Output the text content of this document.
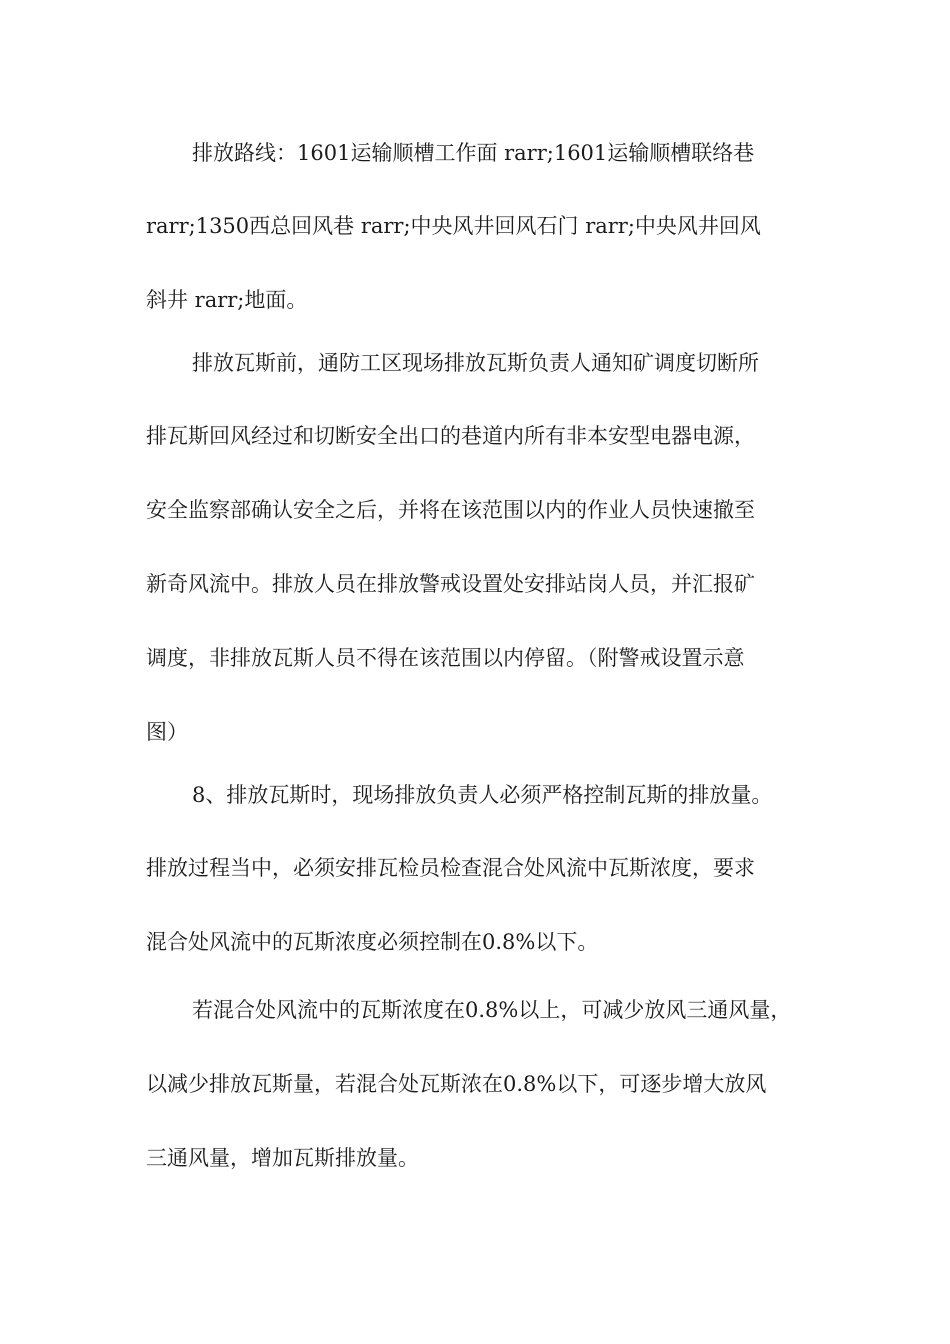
排放路线：1601运输顺槽工作面 rarr;1601运输顺槽联络巷
rarr;1350西总回风巷 rarr;中央风井回风石门 rarr;中央风井回风
斜井 rarr;地面。
排放瓦斯前，通防工区现场排放瓦斯负责人通知矿调度切断所
排瓦斯回风经过和切断安全出口的巷道内所有非本安型电器电源，
安全监察部确认安全之后，并将在该范围以内的作业人员快速撤至
新奇风流中。排放人员在排放警戒设置处安排站岗人员，并汇报矿
调度，非排放瓦斯人员不得在该范围以内停留。（附警戒设置示意
图）
8、排放瓦斯时，现场排放负责人必须严格控制瓦斯的排放量。
排放过程当中，必须安排瓦检员检查混合处风流中瓦斯浓度，要求
混合处风流中的瓦斯浓度必须控制在0.8%以下。
若混合处风流中的瓦斯浓度在0.8%以上，可减少放风三通风量，
以减少排放瓦斯量，若混合处瓦斯浓在0.8%以下，可逐步增大放风
三通风量，增加瓦斯排放量。
